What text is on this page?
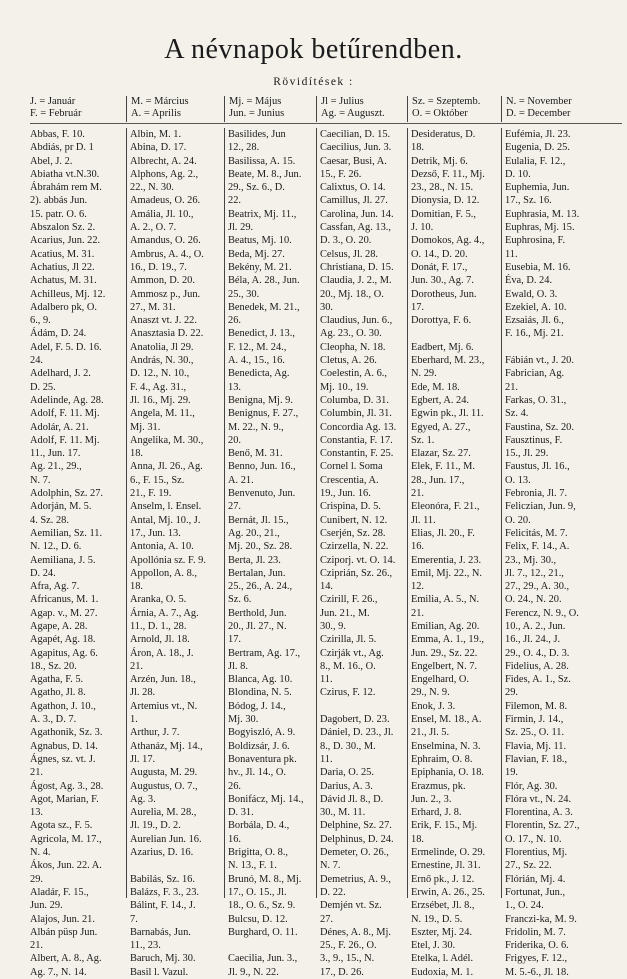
A névnapok betűrendben.
Rövidítések :
J. = Január
F. = Február
M. = Március
A. = Aprilis
Mj. = Május
Jun. = Junius
Jl = Julius
Ag. = Auguszt.
Sz. = Szeptemb.
O. = Október
N. = November
D. = December
Abbas, F. 10.
Abdiás, pr D. 1
Abel, J. 2.
Abiatha vt.N.30.
Ábrahám rem M.
2). abbás Jun.
15. patr. O. 6.
Abszalon Sz. 2.
Acarius, Jun. 22.
Acatius, M. 31.
Achatius, Jl 22.
Achatus, M. 31.
Achilleus, Mj. 12.
Adalbero pk, O.
6., 9.
Ádám, D. 24.
Adel, F. 5. D. 16.
24.
Adelhard, J. 2.
D. 25.
Adelinde, Ag. 28.
Adolf, F. 11. Mj.
Adolár, A. 21.
Adolf, F. 11. Mj.
11., Jun. 17.
Ag. 21., 29.,
N. 7.
Adolphin, Sz. 27.
Adorján, M. 5.
4. Sz. 28.
Aemilian, Sz. 11.
N. 12., D. 6.
Aemiliana, J. 5.
D. 24.
Afra, Ag. 7.
Africanus, M. 1.
Agap. v., M. 27.
Agape, A. 28.
Agapét, Ag. 18.
Agapitus, Ag. 6.
18., Sz. 20.
Agatha, F. 5.
Agatho, Jl. 8.
Agathon, J. 10.,
A. 3., D. 7.
Agathonik, Sz. 3.
Agnabus, D. 14.
Ágnes, sz. vt. J.
21.
Ágost, Ag. 3., 28.
Agot, Marian, F.
13.
Agota sz., F. 5.
Agricola, M. 17.,
N. 4.
Ákos, Jun. 22. A.
29.
Aladár, F. 15.,
Jun. 29.
Alajos, Jun. 21.
Albán püsp Jun.
21.
Albert, A. 8., Ag.
Ag. 7., N. 14.
Albin, M. 1.
Abina, D. 17.
Albrecht, A. 24.
Alphons, Ag. 2.,
22., N. 30.
Amadeus, O. 26.
Amália, Jl. 10.,
A. 2., O. 7.
Amandus, O. 26.
Ambrus, A. 4., O.
16., D. 19., 7.
Ammon, D. 20.
Ammosz p., Jun.
27., M. 31.
Anaszt vt. J. 22.
Anasztasia D. 22.
Anatolia, Jl 29.
András, N. 30.,
D. 12., N. 10.,
F. 4., Ag. 31.,
Jl. 16., Mj. 29.
Angela, M. 11.,
Mj. 31.
Angelika, M. 30.,
18.
Anna, Jl. 26., Ag.
6., F. 15., Sz.
21., F. 19.
Anselm, l. Ensel.
Antal, Mj. 10., J.
17., Jun. 13.
Antonia, A. 10.
Apollónia sz. F. 9.
Appollon, A. 8.,
18.
Aranka, O. 5.
Árnia, A. 7., Ag.
11., D. 1., 28.
Arnold, Jl. 18.
Áron, A. 18., J.
21.
Arzén, Jun. 18.,
Jl. 28.
Artemius vt., N.
1.
Arthur, J. 7.
Athanáz, Mj. 14.,
Jl. 17.
Augusta, M. 29.
Augustus, O. 7.,
Ag. 3.
Aurelia, M. 28.,
Jl. 19., D. 2.
Aurelian Jun. 16.
Azarius, D. 16.

Babilás, Sz. 16.
Balázs, F. 3., 23.
Bálint, F. 14., J.
7.
Barnabás, Jun.
11., 23.
Baruch, Mj. 30.
Basil l. Vazul.
Basilides, Jun
12., 28.
Basilissa, A. 15.
Beate, M. 8., Jun.
29., Sz. 6., D.
22.
Beatrix, Mj. 11.,
Jl. 29.
Beatus, Mj. 10.
Beda, Mj. 27.
Bekény, M. 21.
Béla, A. 28., Jun.
25., 30.
Benedek, M. 21.,
26.
Benedict, J. 13.,
F. 12., M. 24.,
A. 4., 15., 16.
Benedicta, Ag.
13.
Benigna, Mj. 9.
Benignus, F. 27.,
M. 22., N. 9.,
20.
Benő, M. 31.
Benno, Jun. 16.,
A. 21.
Benvenuto, Jun.
27.
Bernát, Jl. 15.,
Ag. 20., 21.,
Mj. 20., Sz. 28.
Berta, Jl. 23.
Bertalan, Jun.
25., 26., A. 24.,
Sz. 6.
Berthold, Jun.
20., Jl. 27., N.
17.
Bertram, Ag. 17.,
Jl. 8.
Blanca, Ag. 10.
Blondina, N. 5.
Bódog, J. 14.,
Mj. 30.
Bogyiszló, A. 9.
Boldizsár, J. 6.
Bonaventura pk.
hv., Jl. 14., O.
26.
Bonifácz, Mj. 14.,
D. 31.
Borbála, D. 4.,
16.
Brigitta, O. 8.,
N. 13., F. 1.
Brunó, M. 8., Mj.
17., O. 15., Jl.
18., O. 6., Sz. 9.
Bulcsu, D. 12.
Burghard, O. 11.

Caecilia, Jun. 3.,
Jl. 9., N. 22.
Caecilian, D. 15.
Caecilius, Jun. 3.
Caesar, Busi, A.
15., F. 26.
Calixtus, O. 14.
Camillus, Jl. 27.
Carolina, Jun. 14.
Cassfan, Ag. 13.,
D. 3., O. 20.
Celsus, Jl. 28.
Christiana, D. 15.
Claudia, J. 2., M.
20., Mj. 18., O.
30.
Claudius, Jun. 6.,
Ag. 23., O. 30.
Cleopha, N. 18.
Cletus, A. 26.
Coelestin, A. 6.,
Mj. 10., 19.
Columba, D. 31.
Columbin, Jl. 31.
Concordia Ag. 13.
Constantia, F. 17.
Constantin, F. 25.
Cornel l. Soma
Crescentia, A.
19., Jun. 16.
Crispina, D. 5.
Cunibert, N. 12.
Cserjén, Sz. 28.
Czirzella, N. 22.
Cziporj. vt. O. 14.
Cziprián, Sz. 26.,
14.
Czirill, F. 26.,
Jun. 21., M.
30., 9.
Czirilla, Jl. 5.
Czirják vt., Ag.
8., M. 16., O.
11.
Czirus, F. 12.

Dagobert, D. 23.
Dániel, D. 23., Jl.
8., D. 30., M.
11.
Daria, O. 25.
Darius, A. 3.
Dávid Jl. 8., D.
30., M. 11.
Delphine, Sz. 27.
Delphinus, D. 24.
Demeter, O. 26.,
N. 7.
Demetrius, A. 9.,
D. 22.
Demjén vt. Sz.
27.
Dénes, A. 8., Mj.
25., F. 26., O.
3., 9., 15., N.
17., D. 26.
Desideratus, D.
18.
Detrik, Mj. 6.
Dezső, F. 11., Mj.
23., 28., N. 15.
Dionysia, D. 12.
Domitian, F. 5.,
J. 10.
Domokos, Ag. 4.,
O. 14., D. 20.
Donát, F. 17.,
Jun. 30., Ag. 7.
Dorotheus, Jun.
17.
Dorottya, F. 6.

Eadbert, Mj. 6.
Eberhard, M. 23.,
N. 29.
Ede, M. 18.
Egbert, A. 24.
Egwin pk., Jl. 11.
Egyed, A. 27.,
Sz. 1.
Elazar, Sz. 27.
Elek, F. 11., M.
28., Jun. 17.,
21.
Eleonóra, F. 21.,
Jl. 11.
Elias, Jl. 20., F.
16.
Emerentia, J. 23.
Emil, Mj. 22., N.
12.
Emilia, A. 5., N.
21.
Emilian, Ag. 20.
Emma, A. 1., 19.,
Jun. 29., Sz. 22.
Engelbert, N. 7.
Engelhard, O.
29., N. 9.
Enok, J. 3.
Ensel, M. 18., A.
21., Jl. 5.
Enselmina, N. 3.
Ephraim, O. 8.
Epiphania, O. 18.
Erazmus, pk.
Jun. 2., 3.
Erhard, J. 8.
Erik, F. 15., Mj.
18.
Ermelinde, O. 29.
Ernestine, Jl. 31.
Ernő pk., J. 12.
Erwin, A. 26., 25.
Erzsébet, Jl. 8.,
N. 19., D. 5.
Eszter, Mj. 24.
Etel, J. 30.
Etelka, l. Adél.
Eudoxia, M. 1.
Eufémia, Jl. 23.
Eugenia, D. 25.
Eulalia, F. 12.,
D. 10.
Euphemia, Jun.
17., Sz. 16.
Euphrasia, M. 13.
Euphras, Mj. 15.
Euphrosina, F.
11.
Eusebia, M. 16.
Éva, D. 24.
Ewald, O. 3.
Ezekiel, A. 10.
Ezsaiás, Jl. 6.,
F. 16., Mj. 21.

Fábián vt., J. 20.
Fabrician, Ag.
21.
Farkas, O. 31.,
Sz. 4.
Faustina, Sz. 20.
Fausztinus, F.
15., Jl. 29.
Faustus, Jl. 16.,
O. 13.
Febronia, Jl. 7.
Feliczian, Jun. 9,
O. 20.
Felicitás, M. 7.
Felix, F. 14., A.
23., Mj. 30.,
Jl. 7., 12., 21.,
27., 29., A. 30.,
O. 24., N. 20.
Ferencz, N. 9., O.
10., A. 2., Jun.
16., Jl. 24., J.
29., O. 4., D. 3.
Fidelius, A. 28.
Fides, A. 1., Sz.
29.
Filemon, M. 8.
Firmin, J. 14.,
Sz. 25., O. 11.
Flavia, Mj. 11.
Flavian, F. 18.,
19.
Flór, Ag. 30.
Flóra vt., N. 24.
Florentina, A. 3.
Florentin, Sz. 27.,
O. 17., N. 10.
Florentius, Mj.
27., Sz. 22.
Flórián, Mj. 4.
Fortunat, Jun.,
1., O. 24.
Franczi-ka, M. 9.
Fridolin, M. 7.
Friderika, O. 6.
Frigyes, F. 12.,
M. 5.-6., Jl. 18.
